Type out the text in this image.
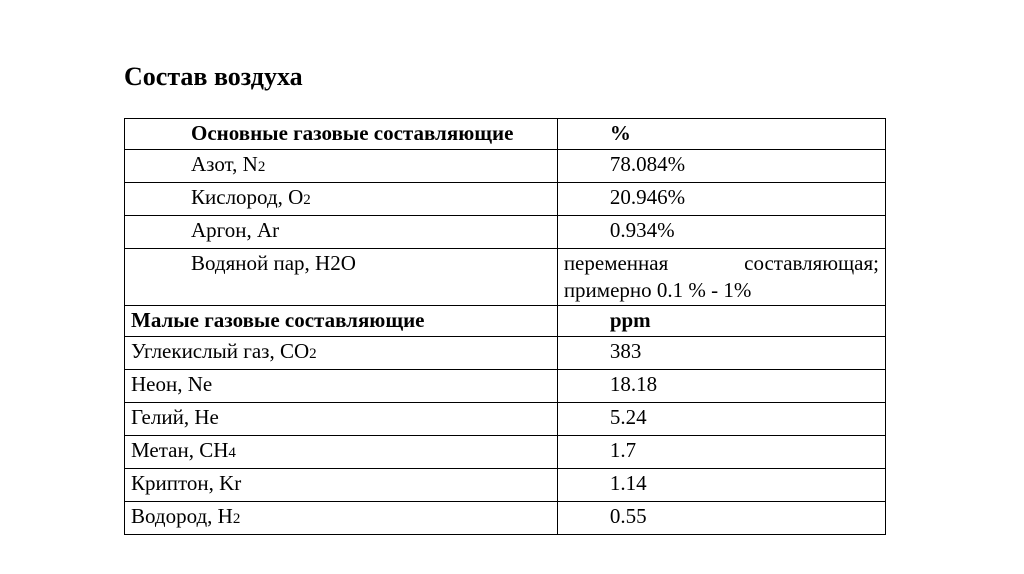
Состав воздуха
Основные газовые составляющие	%
Азот, N2	78.084%
Кислород, O2	20.946%
Аргон, Ar	0.934%
Водяной пар, H2O	переменная составляющая;
примерно 0.1 % - 1%

Малые газовые составляющие	ppm
Углекислый газ, CO2	383
Неон, Ne	18.18
Гелий, He	5.24
Метан, CH4	1.7
Криптон, Kr	1.14
Водород, H2	0.55
